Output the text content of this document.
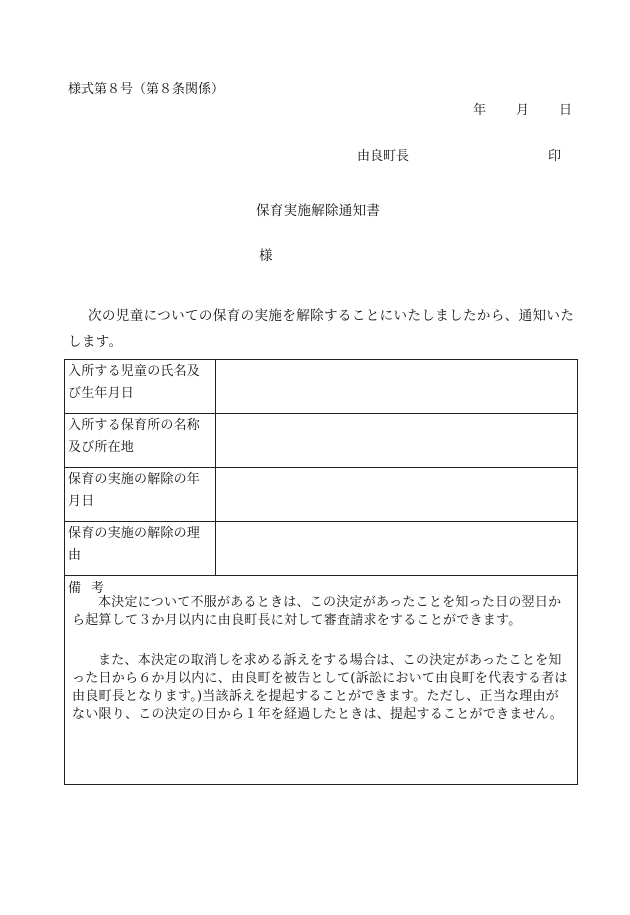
様式第８号（第８条関係）
年 月 日
由良町長	印
保育実施解除通知書
様
次の児童についての保育の実施を解除することにいたしましたから、通知いたします。
入所する児童の氏名及び生年月日	
入所する保育所の名称及び所在地	
保育の実施の解除の年月日	
保育の実施の解除の理由	
備考
本決定について不服があるときは、この決定があったことを知った日の翌日から起算して３か月以内に由良町長に対して審査請求をすることができます。
また、本決定の取消しを求める訴えをする場合は、この決定があったことを知った日から６か月以内に、由良町を被告として(訴訟において由良町を代表する者は由良町長となります。)当該訴えを提起することができます。ただし、正当な理由がない限り、この決定の日から１年を経過したときは、提起することができません。
